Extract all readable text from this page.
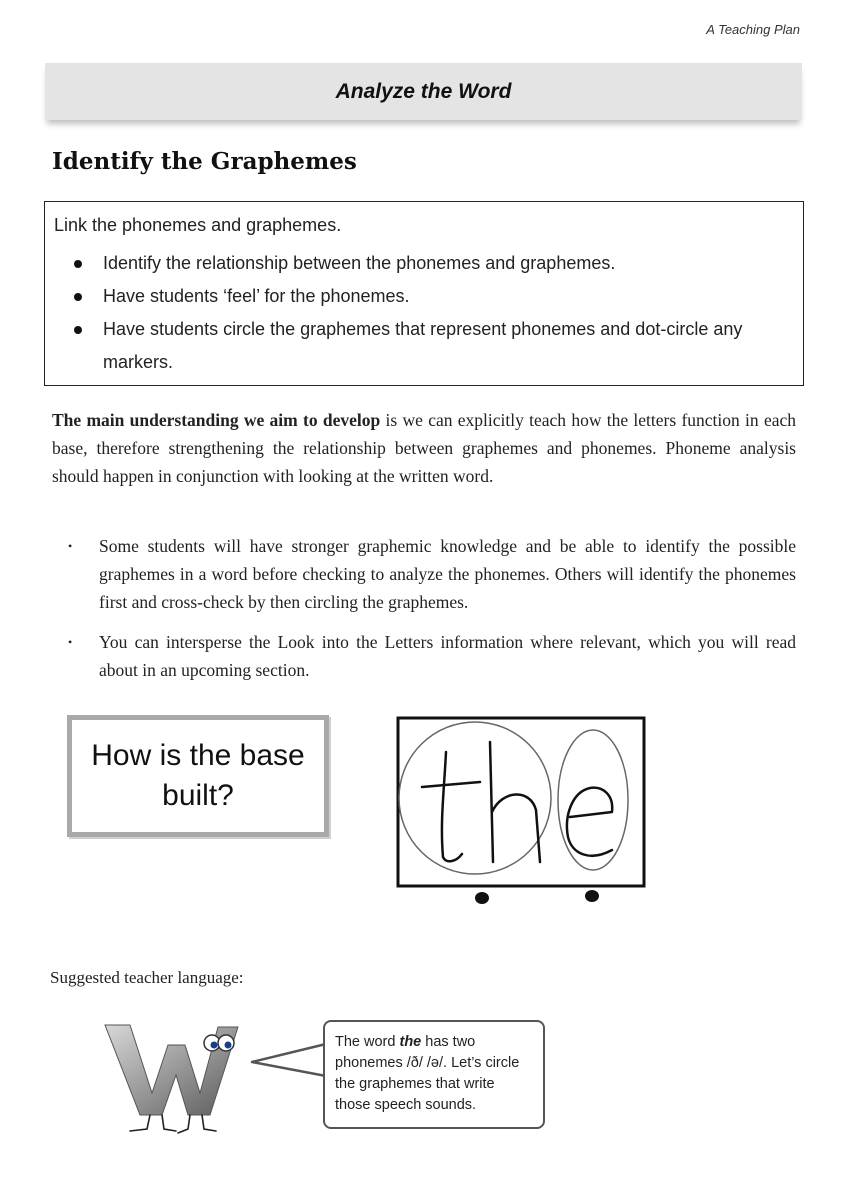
A Teaching Plan
Analyze the Word
Identify the Graphemes
Link the phonemes and graphemes.
Identify the relationship between the phonemes and graphemes.
Have students ‘feel’ for the phonemes.
Have students circle the graphemes that represent phonemes and dot-circle any markers.

The main understanding we aim to develop is we can explicitly teach how the letters function in each base, therefore strengthening the relationship between graphemes and phonemes. Phoneme analysis should happen in conjunction with looking at the written word.

• Some students will have stronger graphemic knowledge and be able to identify the possible graphemes in a word before checking to analyze the phonemes. Others will identify the phonemes first and cross-check by then circling the graphemes.
• You can intersperse the Look into the Letters information where relevant, which you will read about in an upcoming section.
How is the base built?
Suggested teacher language:
The word the has two phonemes /ð/ /ə/. Let’s circle the graphemes that write those speech sounds.
